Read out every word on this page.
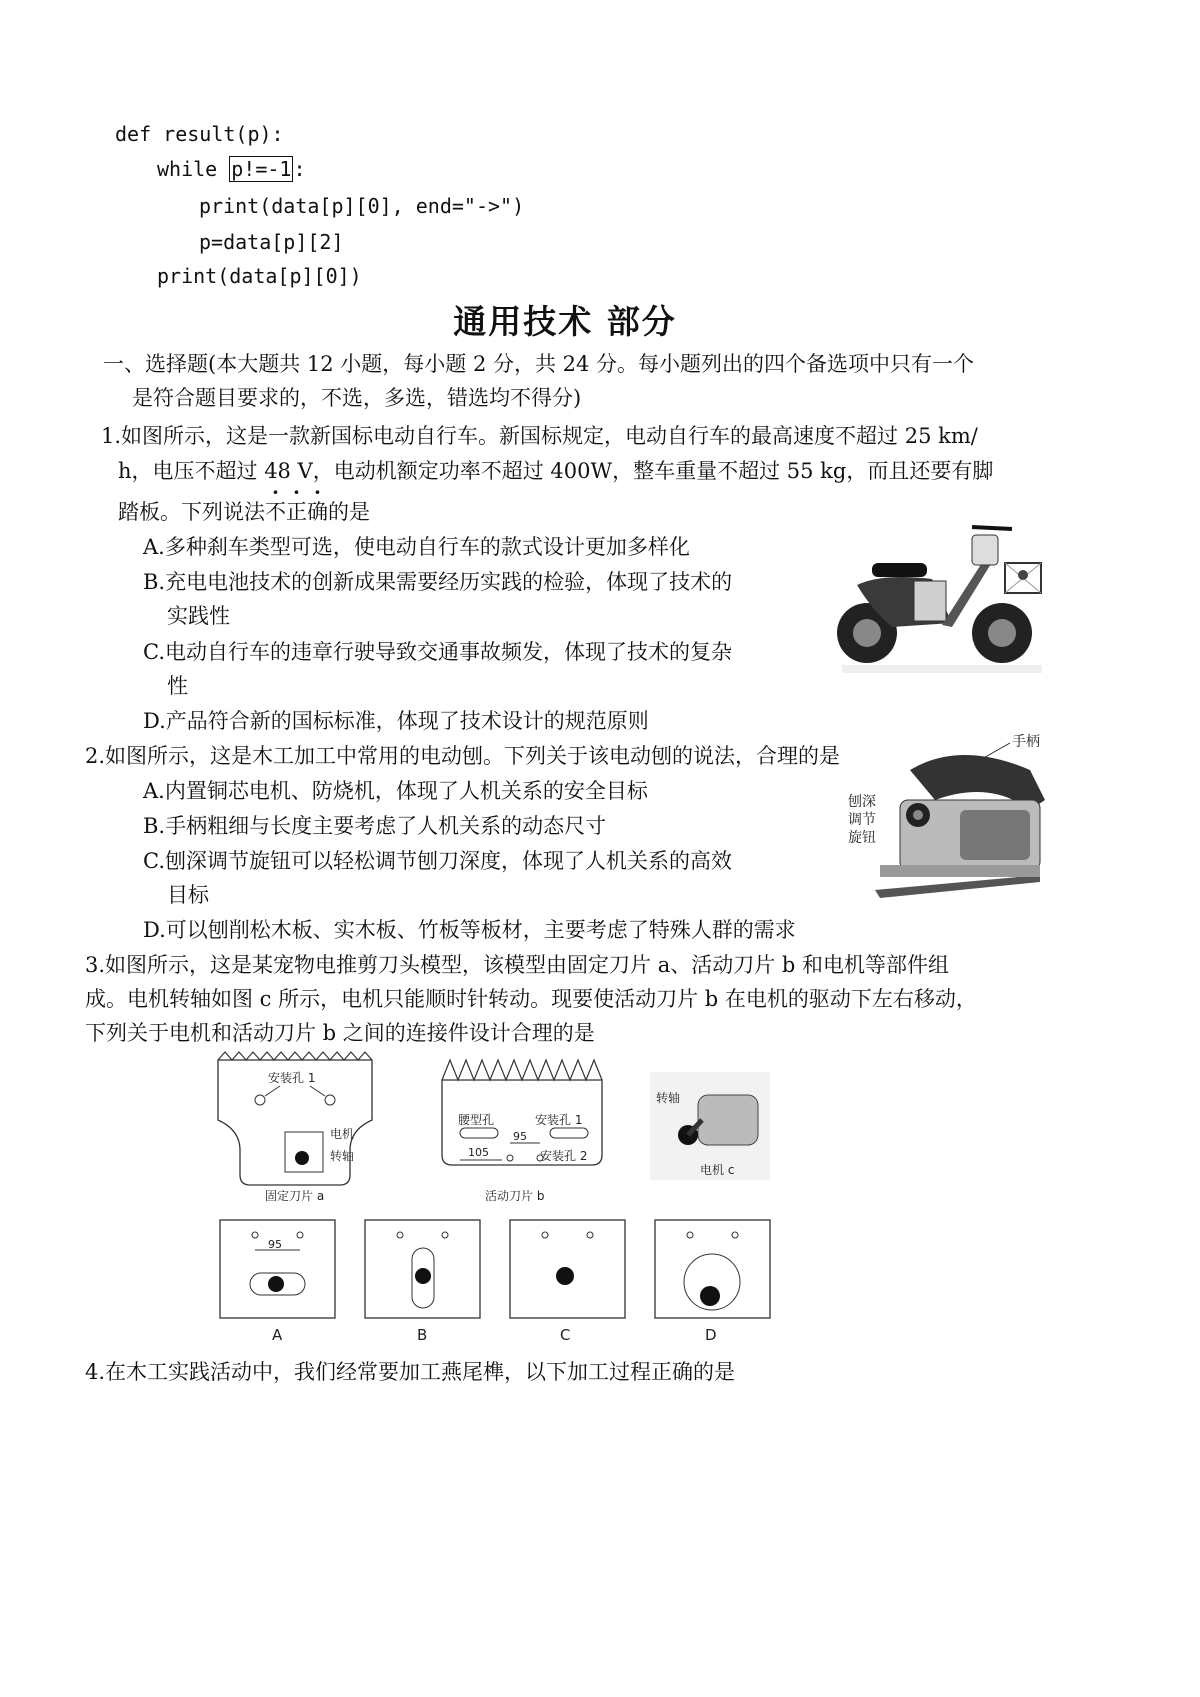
def result(p):
while p!=-1 :
print(data[p][0], end="->")
p=data[p][2]
print(data[p][0])
通用技术 部分
一、选择题(本大题共 12 小题，每小题 2 分，共 24 分。每小题列出的四个备选项中只有一个
是符合题目要求的，不选，多选，错选均不得分)
1.如图所示，这是一款新国标电动自行车。新国标规定，电动自行车的最高速度不超过 25 km/
h，电压不超过 48 V，电动机额定功率不超过 400W，整车重量不超过 55 kg，而且还要有脚
踏板。下列说法不正确的是
A.多种刹车类型可选，使电动自行车的款式设计更加多样化
B.充电电池技术的创新成果需要经历实践的检验，体现了技术的
实践性
C.电动自行车的违章行驶导致交通事故频发，体现了技术的复杂
性
D.产品符合新的国标标准，体现了技术设计的规范原则
2.如图所示，这是木工加工中常用的电动刨。下列关于该电动刨的说法，合理的是
A.内置铜芯电机、防烧机，体现了人机关系的安全目标
B.手柄粗细与长度主要考虑了人机关系的动态尺寸
C.刨深调节旋钮可以轻松调节刨刀深度，体现了人机关系的高效
目标
D.可以刨削松木板、实木板、竹板等板材，主要考虑了特殊人群的需求
手柄
刨深
调节
旋钮
3.如图所示，这是某宠物电推剪刀头模型，该模型由固定刀片 a、活动刀片 b 和电机等部件组
成。电机转轴如图 c 所示，电机只能顺时针转动。现要使活动刀片 b 在电机的驱动下左右移动，
下列关于电机和活动刀片 b 之间的连接件设计合理的是
安装孔 1
电机
转轴
固定刀片 a
腰型孔	安装孔 1
95
105	安装孔 2
活动刀片 b
转轴
电机 c
95
A	B	C	D
4.在木工实践活动中，我们经常要加工燕尾榫，以下加工过程正确的是
